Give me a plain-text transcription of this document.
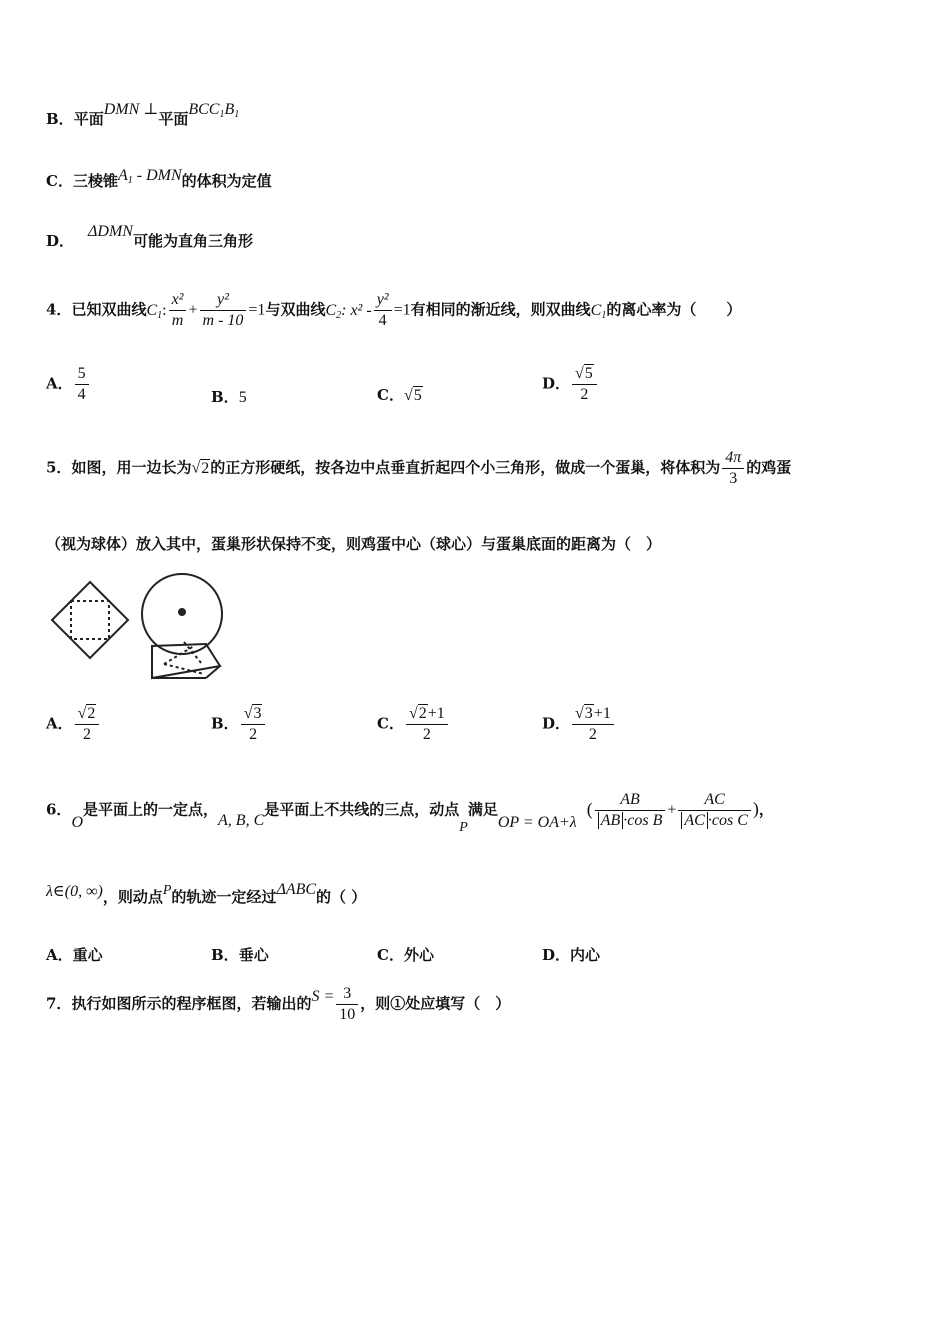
B．平面DMN ⊥平面$BCC_1B_1$
C．三棱锥$A_1$ - DMN的体积为定值
D．ΔDMN可能为直角三角形
4．已知双曲线$C_1$: $\frac{\text{x²}}{m} + \frac{\text{y²}}{m - 10} =1$与双曲线$C_2$: $x^2 - \frac{\text{y²}}{4} =1$有相同的渐近线，则双曲线$C_1$的离心率为（　　）
A． $\frac{5}{4}$	B．5	C．√5
D． $\frac{√5}{2}$
5．如图，用一边长为√2的正方形硬纸，按各边中点垂直折起四个小三角形，做成一个蛋巢，将体积为 $\frac{4\pi}{3}$ 的鸡蛋
（视为球体）放入其中，蛋巢形状保持不变，则鸡蛋中心（球心）与蛋巢底面的距离为（　）
A． $\frac{√2}{2}$	B． $\frac{√3}{2}$	C． $\frac{√2+1}{2}$	D． $\frac{√3+1}{2}$
6．O是平面上的一定点，A, B, C是平面上不共线的三点，动点P满足OP = $OA+\lambda( \frac{AB}{\text{AB ·cos B}} + \frac{AC}{\text{AC ·cos C}}$ )，
λ∈(0, ∞)，则动点P的轨迹一定经过ΔABC的（ ）
A．重心	B．垂心	C．外心	D．内心
7．执行如图所示的程序框图，若输出的$S = \frac{3}{10}$ ，则①处应填写（　）
